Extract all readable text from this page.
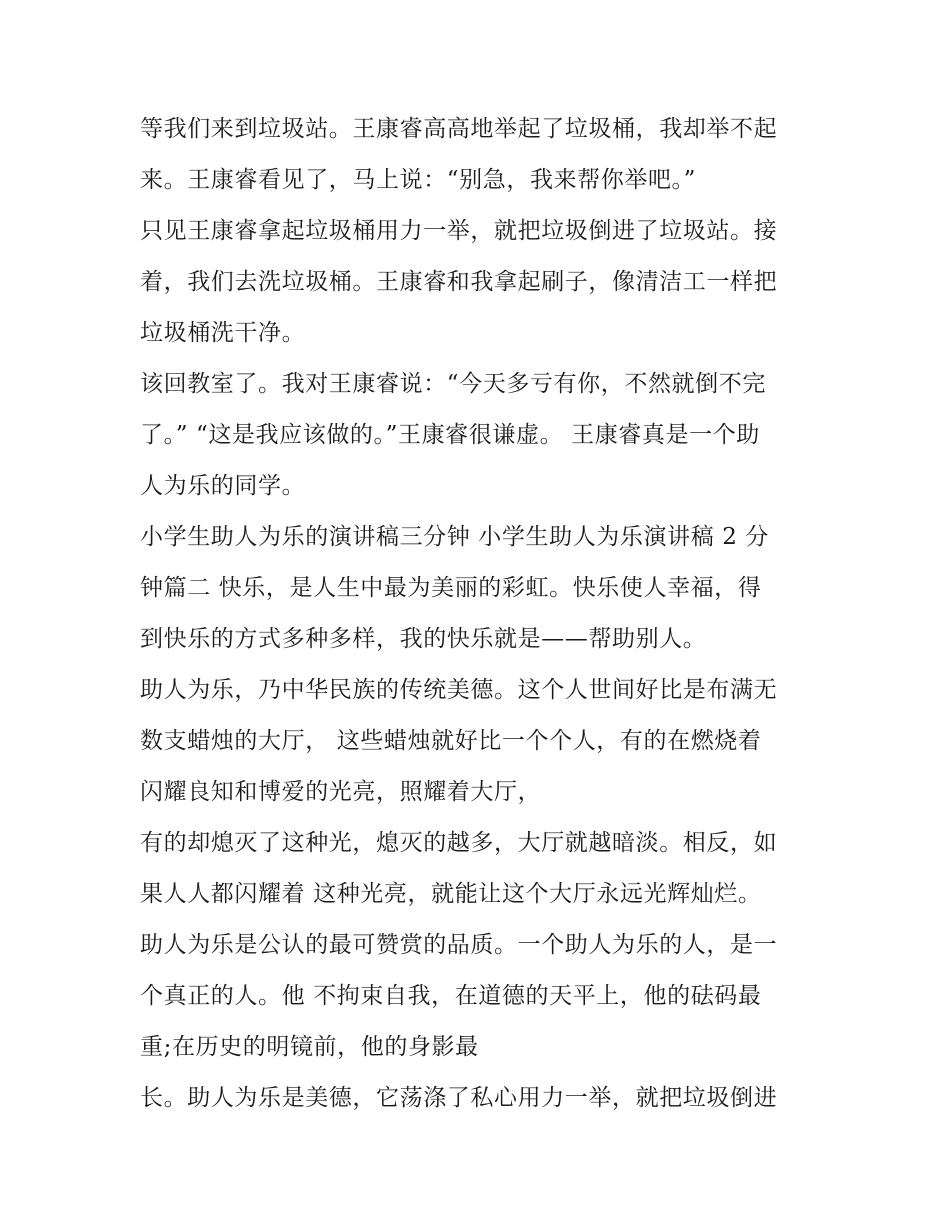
等我们来到垃圾站。王康睿高高地举起了垃圾桶，我却举不起
来。王康睿看见了，马上说：“别急，我来帮你举吧。”
只见王康睿拿起垃圾桶用力一举，就把垃圾倒进了垃圾站。接
着，我们去洗垃圾桶。王康睿和我拿起刷子，像清洁工一样把
垃圾桶洗干净。
该回教室了。我对王康睿说：“今天多亏有你，不然就倒不完
了。” “这是我应该做的。”王康睿很谦虚。 王康睿真是一个助
人为乐的同学。
小学生助人为乐的演讲稿三分钟 小学生助人为乐演讲稿 2 分
钟篇二 快乐，是人生中最为美丽的彩虹。快乐使人幸福，得
到快乐的方式多种多样，我的快乐就是——帮助别人。
助人为乐，乃中华民族的传统美德。这个人世间好比是布满无
数支蜡烛的大厅， 这些蜡烛就好比一个个人，有的在燃烧着
闪耀良知和博爱的光亮，照耀着大厅，
有的却熄灭了这种光，熄灭的越多，大厅就越暗淡。相反，如
果人人都闪耀着 这种光亮，就能让这个大厅永远光辉灿烂。
助人为乐是公认的最可赞赏的品质。一个助人为乐的人，是一
个真正的人。他 不拘束自我，在道德的天平上，他的砝码最
重;在历史的明镜前，他的身影最
长。助人为乐是美德，它荡涤了私心用力一举，就把垃圾倒进
